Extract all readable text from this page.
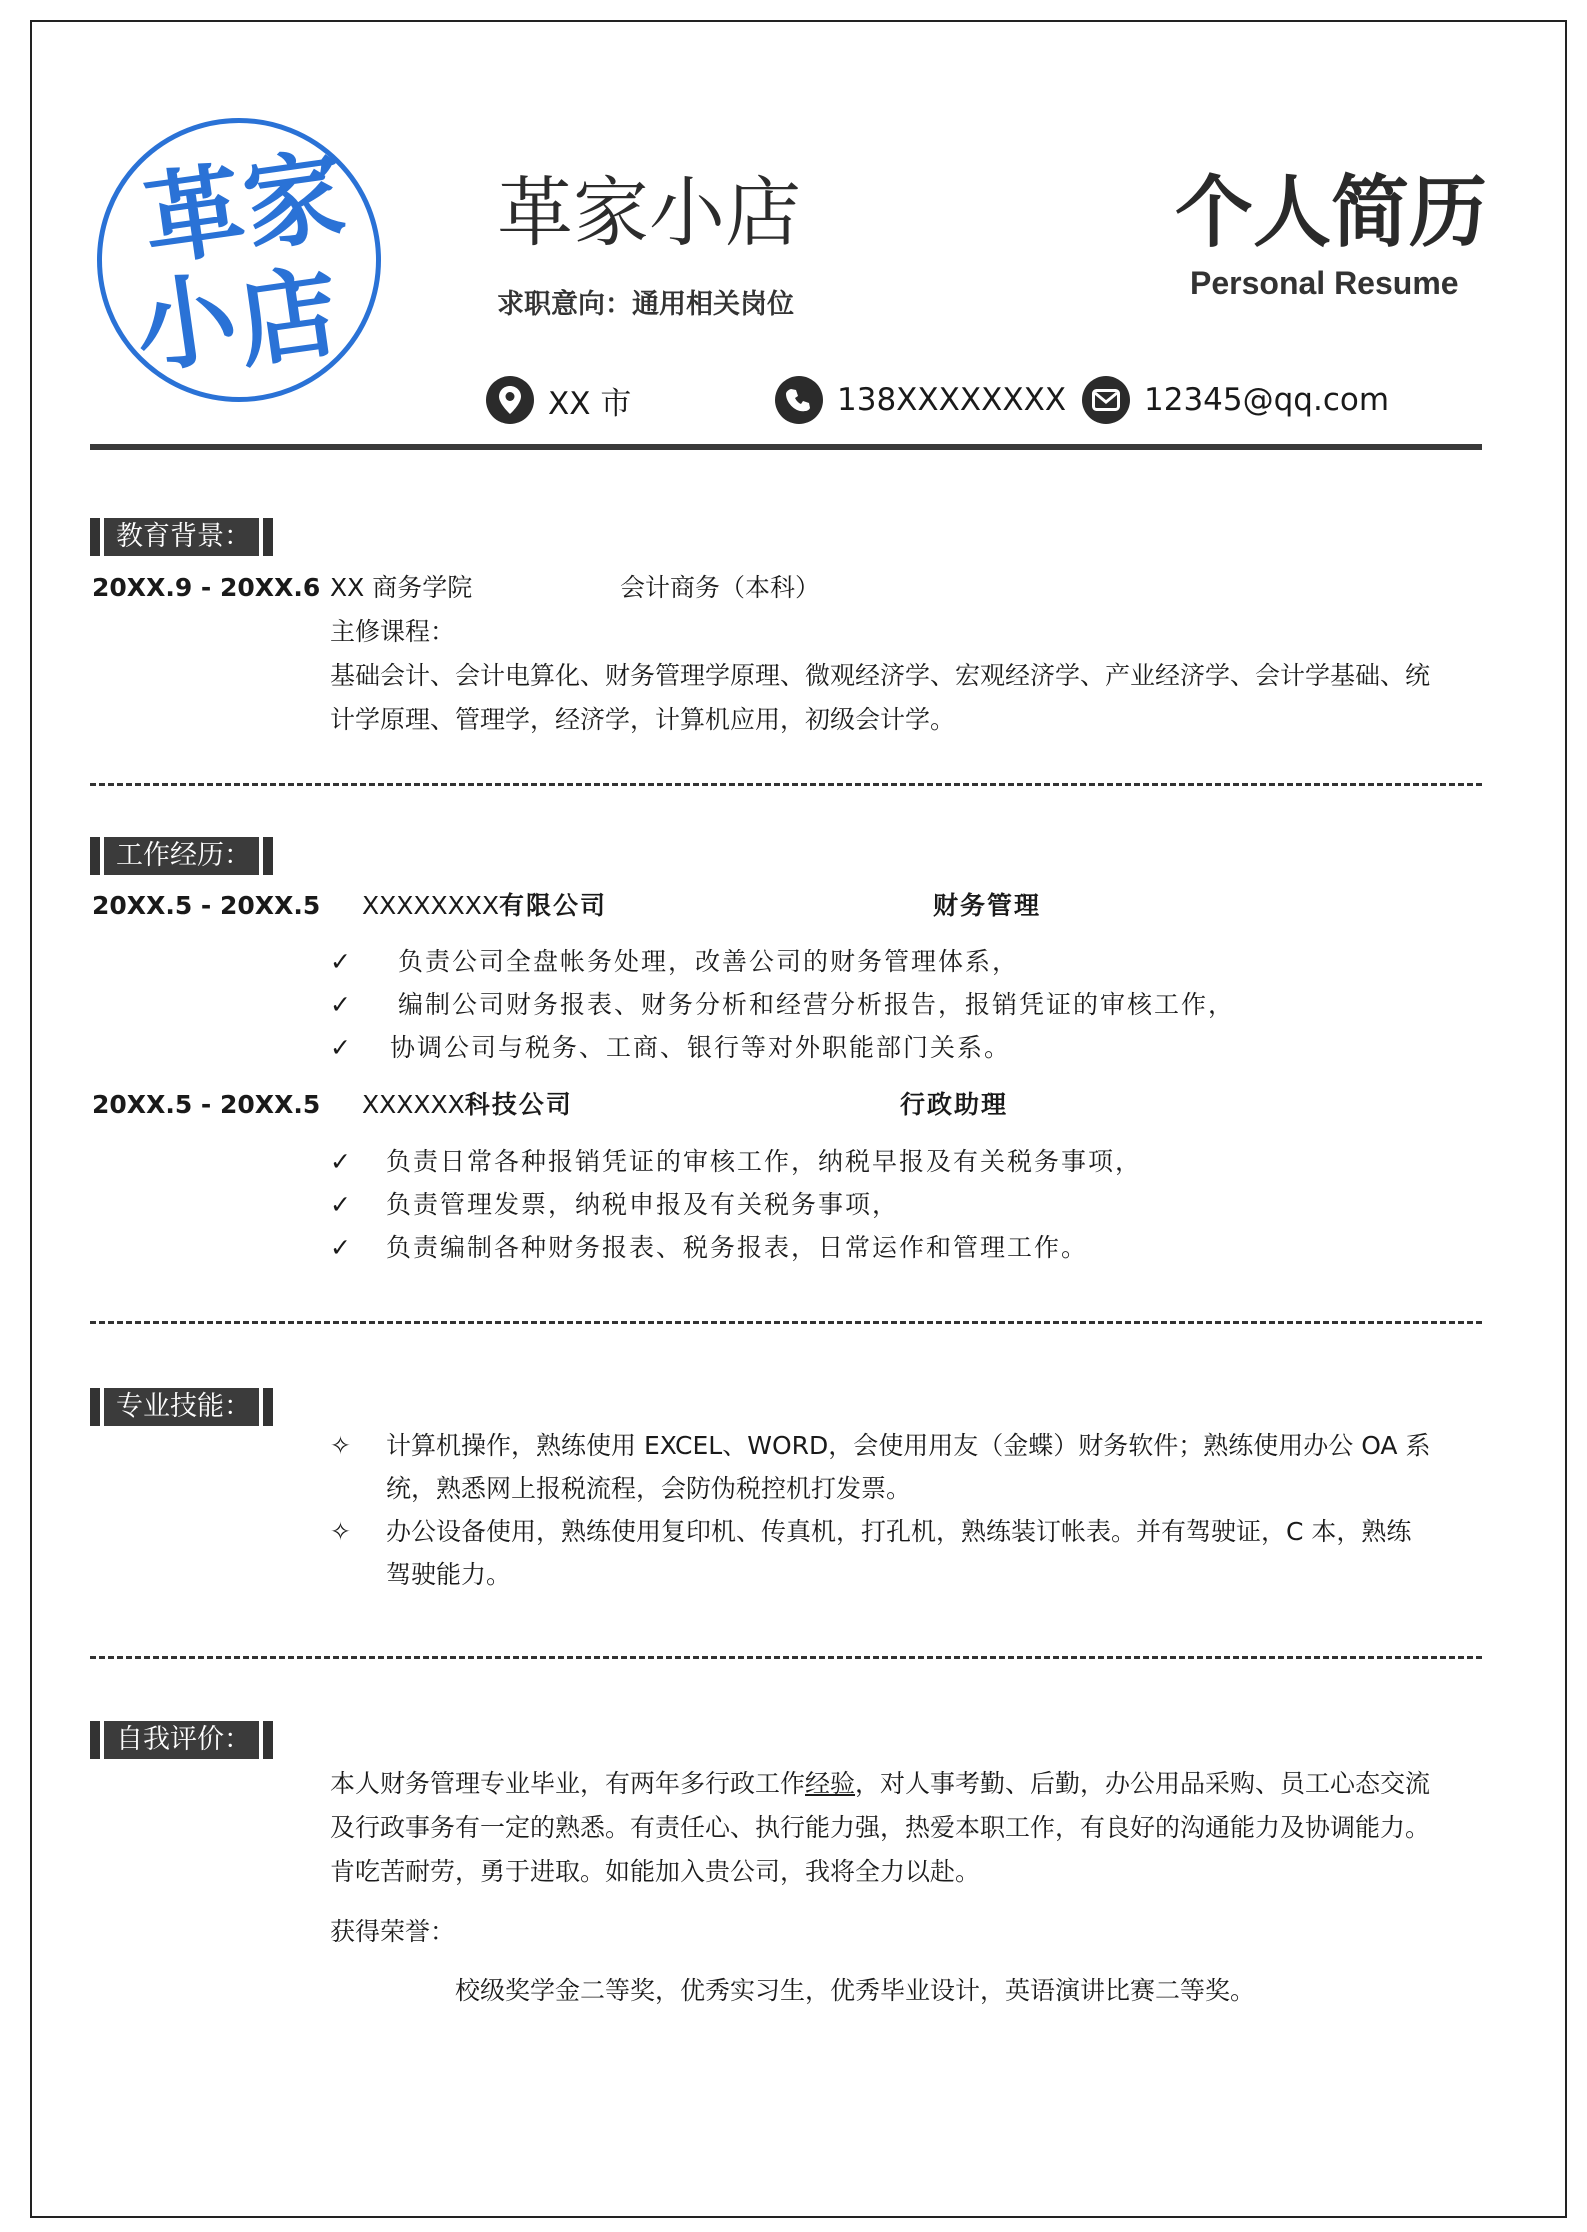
革
家
小
店
革家小店
求职意向：通用相关岗位
个人简历
Personal Resume
XX 市	138XXXXXXXX	12345@qq.com
教育背景：
20XX.9 - 20XX.6 XX 商务学院	会计商务（本科）
主修课程：
基础会计、会计电算化、财务管理学原理、微观经济学、宏观经济学、产业经济学、会计学基础、统
计学原理、管理学，经济学，计算机应用，初级会计学。
工作经历：
20XX.5 - 20XX.5 XXXXXXXX有限公司	财务管理
✓	负责公司全盘帐务处理，改善公司的财务管理体系，
✓	编制公司财务报表、财务分析和经营分析报告，报销凭证的审核工作，
✓	协调公司与税务、工商、银行等对外职能部门关系。
20XX.5 - 20XX.5 XXXXXX科技公司	行政助理
✓	负责日常各种报销凭证的审核工作，纳税早报及有关税务事项，
✓	负责管理发票，纳税申报及有关税务事项，
✓	负责编制各种财务报表、税务报表，日常运作和管理工作。
专业技能：
✧	计算机操作，熟练使用 EXCEL、WORD，会使用用友（金蝶）财务软件；熟练使用办公 OA 系
统，熟悉网上报税流程，会防伪税控机打发票。
✧	办公设备使用，熟练使用复印机、传真机，打孔机，熟练装订帐表。并有驾驶证，C 本，熟练
驾驶能力。
自我评价：
本人财务管理专业毕业，有两年多行政工作经验，对人事考勤、后勤，办公用品采购、员工心态交流
及行政事务有一定的熟悉。有责任心、执行能力强，热爱本职工作，有良好的沟通能力及协调能力。
肯吃苦耐劳，勇于进取。如能加入贵公司，我将全力以赴。
获得荣誉：
校级奖学金二等奖，优秀实习生，优秀毕业设计，英语演讲比赛二等奖。
